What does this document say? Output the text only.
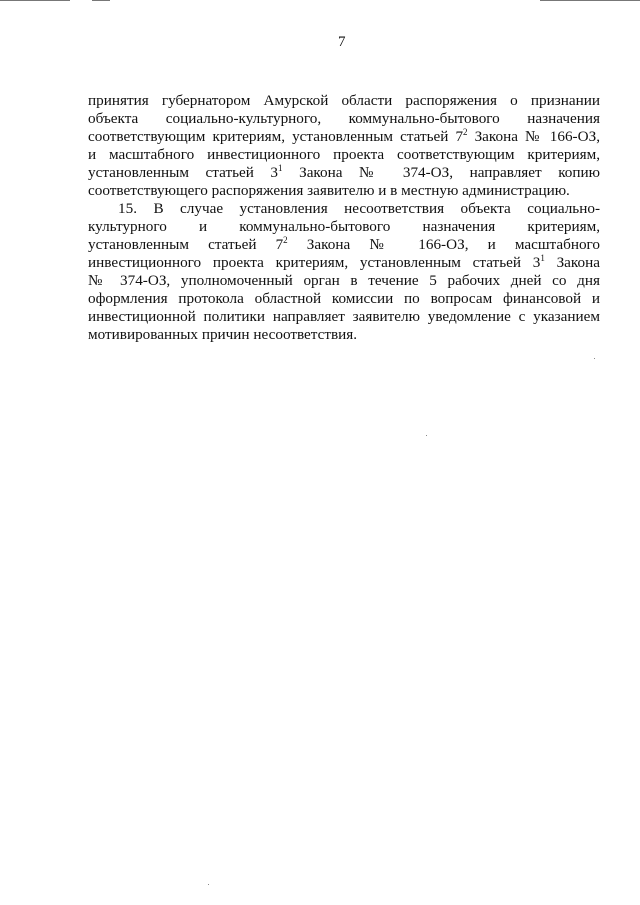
7
принятия губернатором Амурской области распоряжения о признании
объекта социально-культурного, коммунально-бытового назначения
соответствующим критериям, установленным статьей $7^2$ Закона № 166-ОЗ,
и масштабного инвестиционного проекта соответствующим критериям,
установленным статьей $3^1$ Закона № 374-ОЗ, направляет копию
соответствующего распоряжения заявителю и в местную администрацию.
15. В случае установления несоответствия объекта социально-
культурного и коммунально-бытового назначения критериям,
установленным статьей $7^2$ Закона № 166-ОЗ, и масштабного
инвестиционного проекта критериям, установленным статьей $3^1$ Закона
№ 374-ОЗ, уполномоченный орган в течение 5 рабочих дней со дня
оформления протокола областной комиссии по вопросам финансовой и
инвестиционной политики направляет заявителю уведомление с указанием
мотивированных причин несоответствия.
